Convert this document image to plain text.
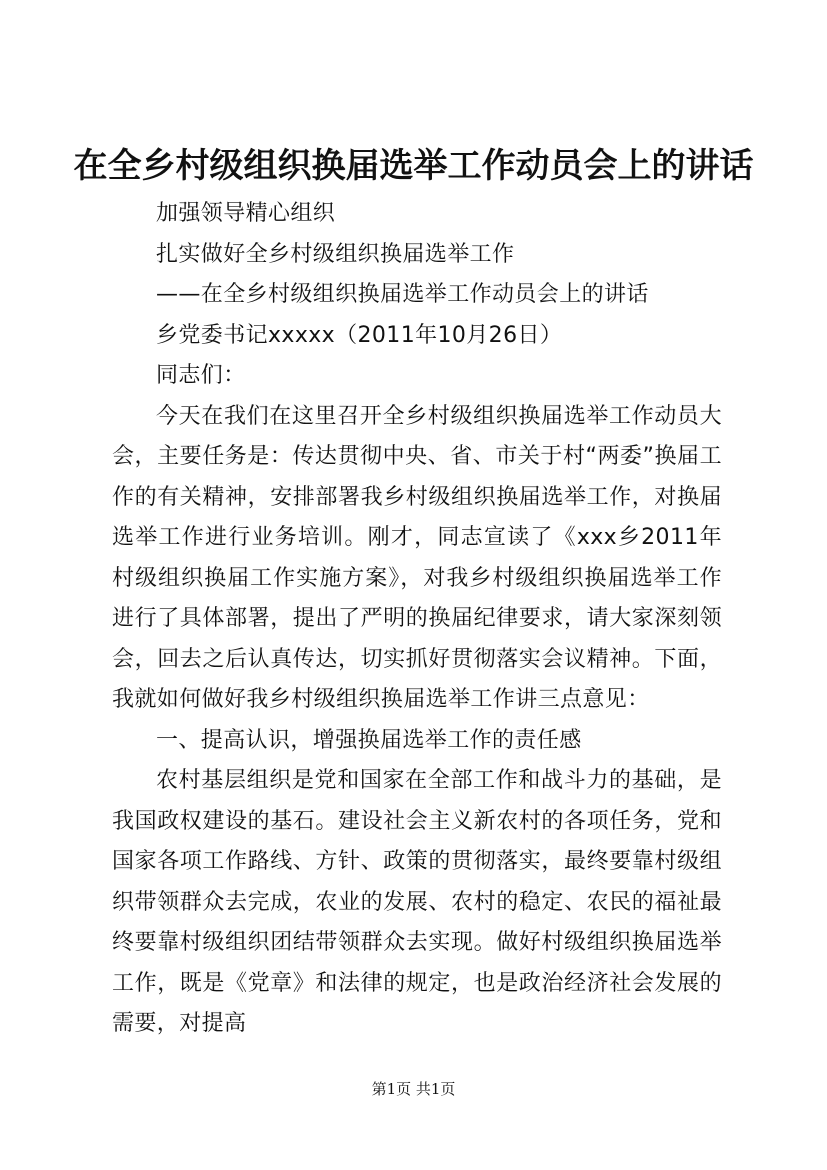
在全乡村级组织换届选举工作动员会上的讲话
加强领导精心组织
扎实做好全乡村级组织换届选举工作
——在全乡村级组织换届选举工作动员会上的讲话
乡党委书记xxxxx（2011年10月26日）
同志们：

今天在我们在这里召开全乡村级组织换届选举工作动员大会，主要任务是：传达贯彻中央、省、市关于村“两委”换届工作的有关精神，安排部署我乡村级组织换届选举工作，对换届选举工作进行业务培训。刚才，同志宣读了《xxx乡2011年村级组织换届工作实施方案》，对我乡村级组织换届选举工作进行了具体部署，提出了严明的换届纪律要求，请大家深刻领会，回去之后认真传达，切实抓好贯彻落实会议精神。下面，我就如何做好我乡村级组织换届选举工作讲三点意见：

一、提高认识，增强换届选举工作的责任感

农村基层组织是党和国家在全部工作和战斗力的基础，是我国政权建设的基石。建设社会主义新农村的各项任务，党和国家各项工作路线、方针、政策的贯彻落实，最终要靠村级组织带领群众去完成，农业的发展、农村的稳定、农民的福祉最终要靠村级组织团结带领群众去实现。做好村级组织换届选举工作，既是《党章》和法律的规定，也是政治经济社会发展的需要，对提高

第1页 共1页
